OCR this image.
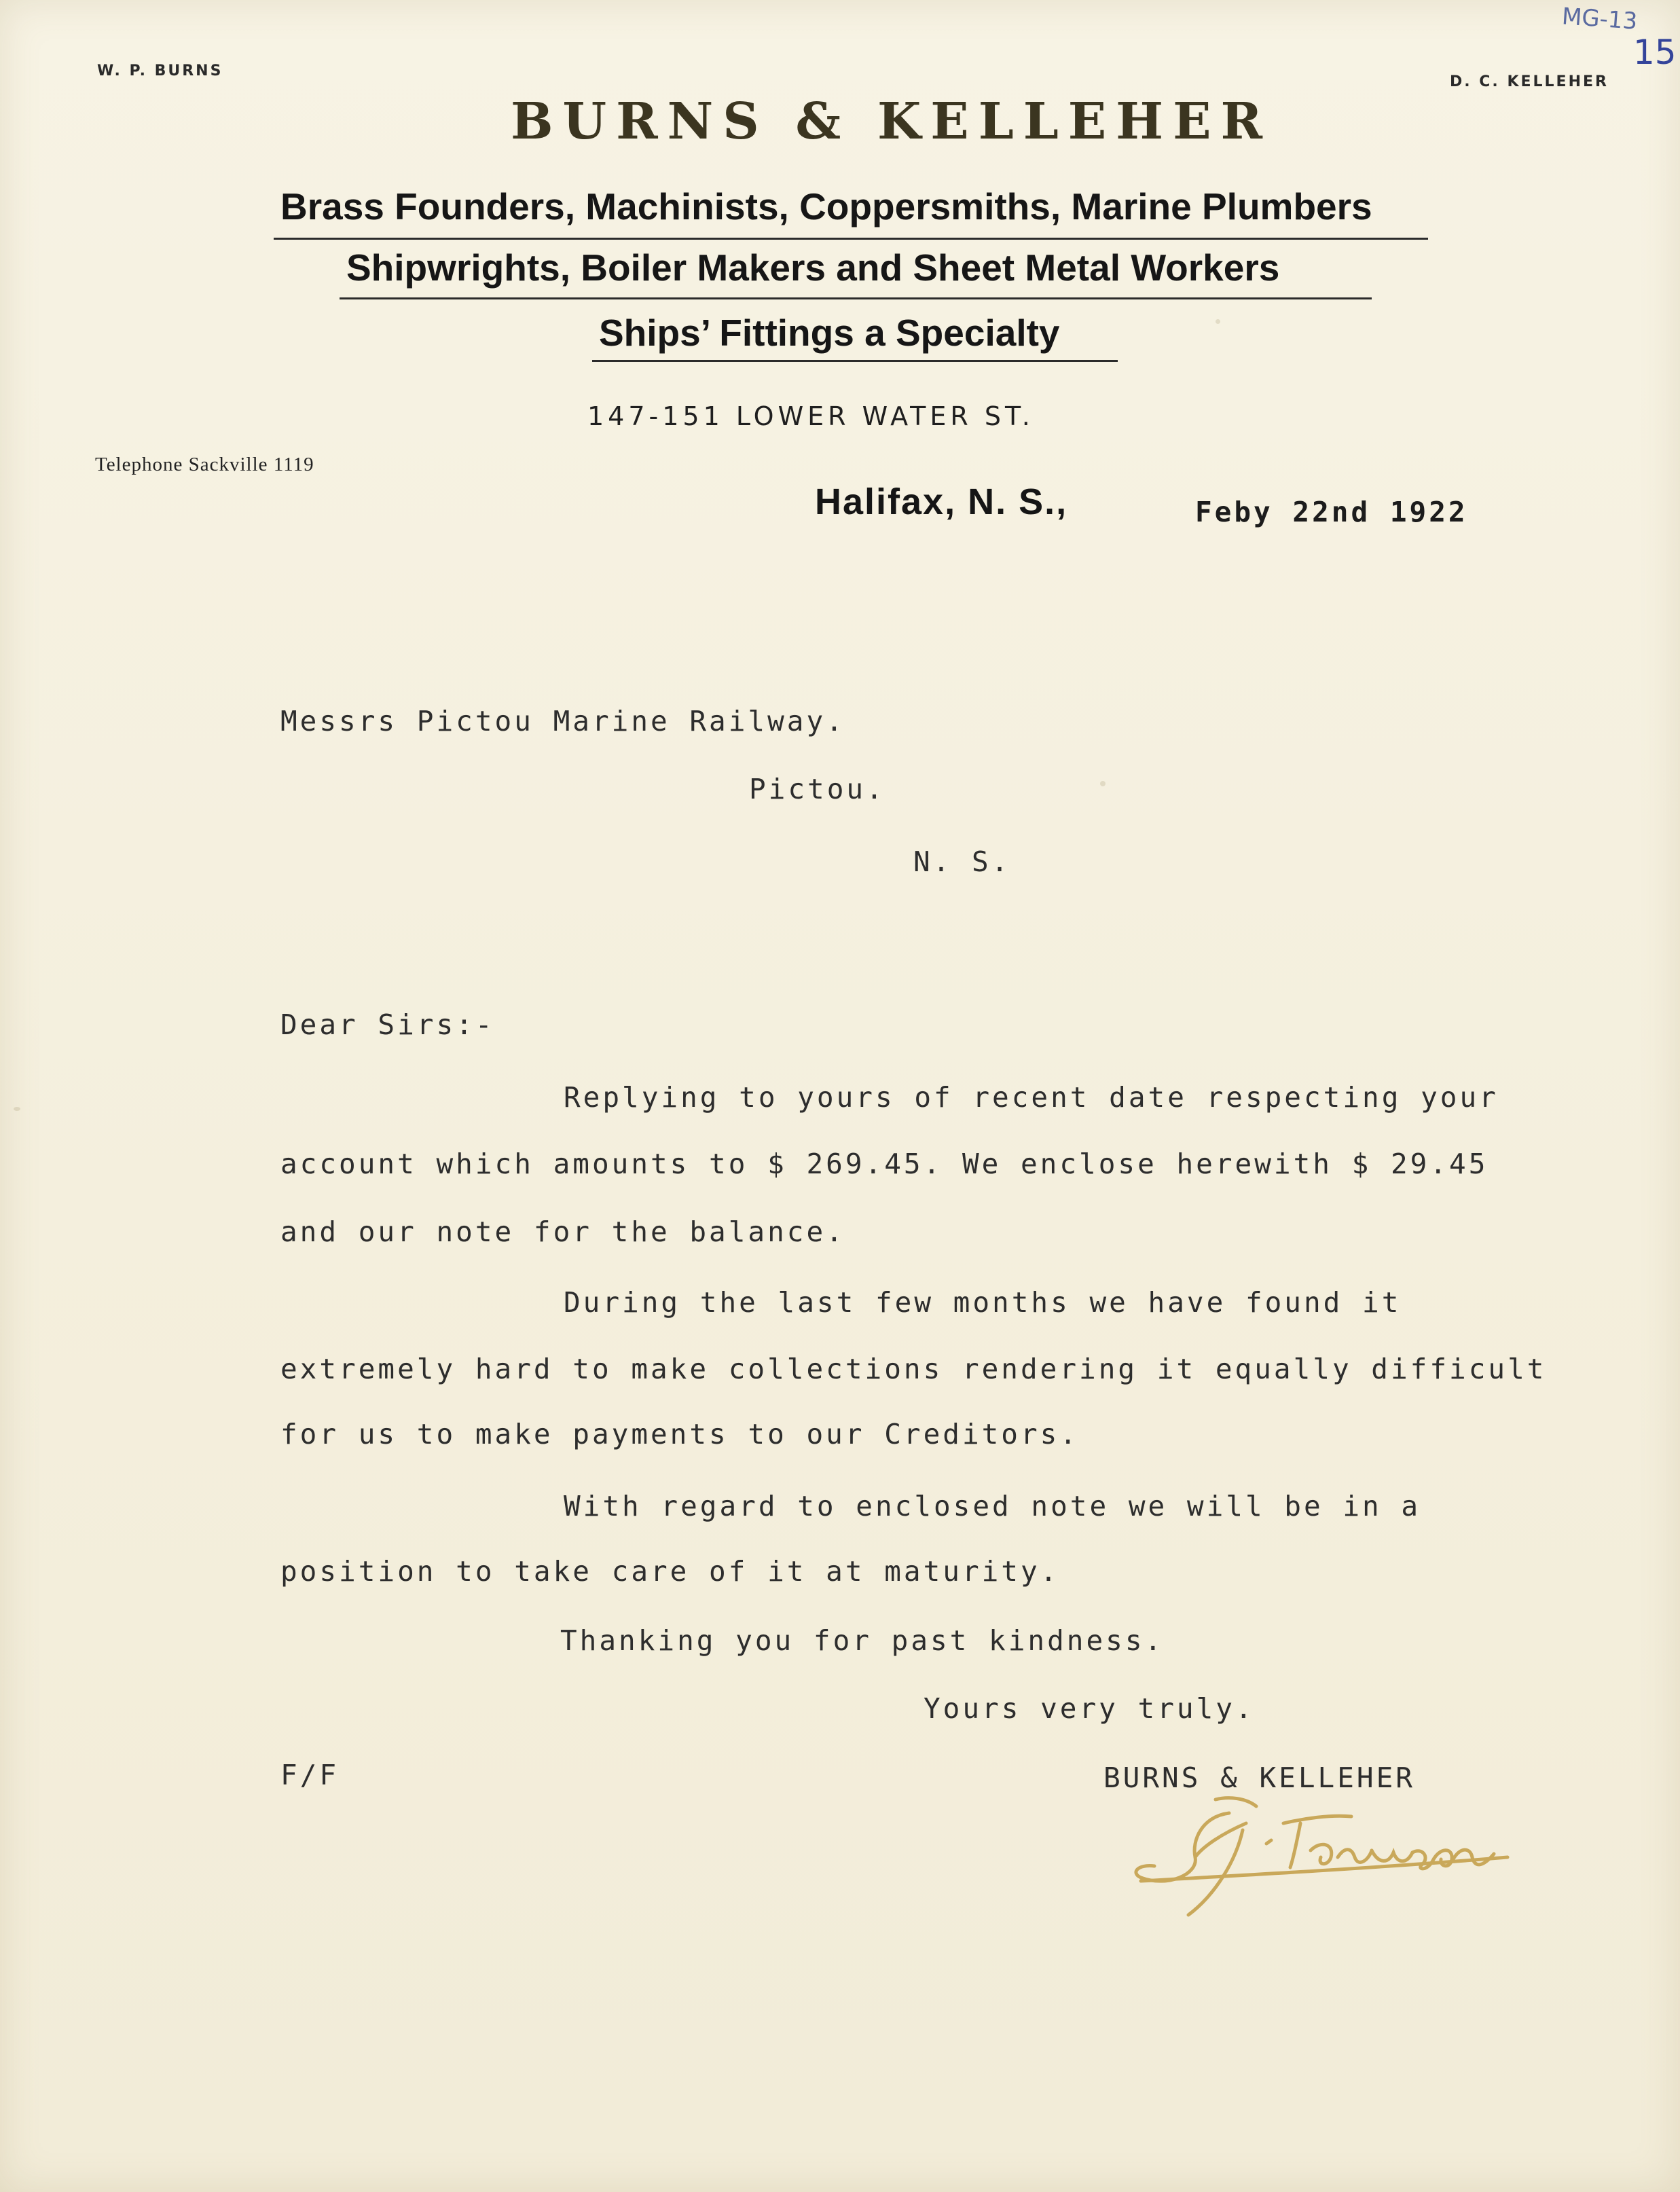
MG-13
15
W. P. BURNS
D. C. KELLEHER
BURNS & KELLEHER
Brass Founders, Machinists, Coppersmiths, Marine Plumbers
Shipwrights, Boiler Makers and Sheet Metal Workers
Ships’ Fittings a Specialty
147-151 LOWER WATER ST.
Telephone Sackville 1119
Halifax, N. S.,	Feby 22nd 1922
Messrs Pictou Marine Railway.
Pictou.
N. S.
Dear Sirs:-
Replying to yours of recent date respecting your
account which amounts to $ 269.45. We enclose herewith $ 29.45
and our note for the balance.
During the last few months we have found it
extremely hard to make collections rendering it equally difficult
for us to make payments to our Creditors.
With regard to enclosed note we will be in a
position to take care of it at maturity.
Thanking you for past kindness.
Yours very truly.
F/F	BURNS & KELLEHER
